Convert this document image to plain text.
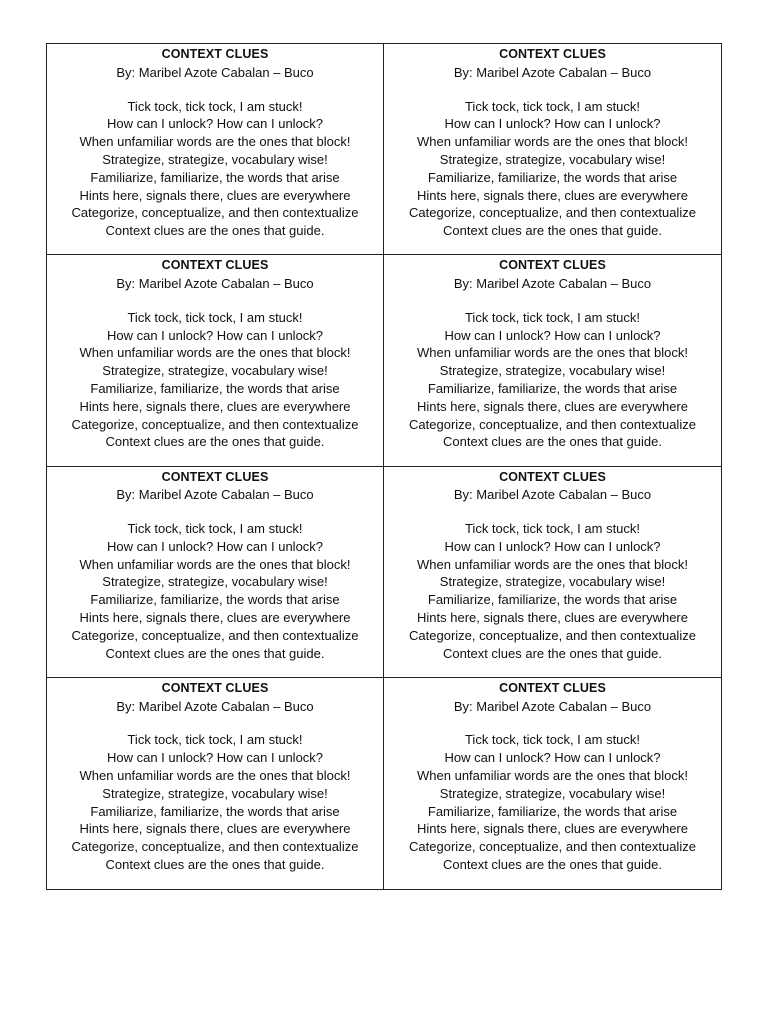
CONTEXT CLUES
By: Maribel Azote Cabalan – Buco
Tick tock, tick tock, I am stuck!
How can I unlock? How can I unlock?
When unfamiliar words are the ones that block!
Strategize, strategize, vocabulary wise!
Familiarize, familiarize, the words that arise
Hints here, signals there, clues are everywhere
Categorize, conceptualize, and then contextualize
Context clues are the ones that guide.
CONTEXT CLUES
By: Maribel Azote Cabalan – Buco
Tick tock, tick tock, I am stuck!
How can I unlock? How can I unlock?
When unfamiliar words are the ones that block!
Strategize, strategize, vocabulary wise!
Familiarize, familiarize, the words that arise
Hints here, signals there, clues are everywhere
Categorize, conceptualize, and then contextualize
Context clues are the ones that guide.
CONTEXT CLUES
By: Maribel Azote Cabalan – Buco
Tick tock, tick tock, I am stuck!
How can I unlock? How can I unlock?
When unfamiliar words are the ones that block!
Strategize, strategize, vocabulary wise!
Familiarize, familiarize, the words that arise
Hints here, signals there, clues are everywhere
Categorize, conceptualize, and then contextualize
Context clues are the ones that guide.
CONTEXT CLUES
By: Maribel Azote Cabalan – Buco
Tick tock, tick tock, I am stuck!
How can I unlock? How can I unlock?
When unfamiliar words are the ones that block!
Strategize, strategize, vocabulary wise!
Familiarize, familiarize, the words that arise
Hints here, signals there, clues are everywhere
Categorize, conceptualize, and then contextualize
Context clues are the ones that guide.
CONTEXT CLUES
By: Maribel Azote Cabalan – Buco
Tick tock, tick tock, I am stuck!
How can I unlock? How can I unlock?
When unfamiliar words are the ones that block!
Strategize, strategize, vocabulary wise!
Familiarize, familiarize, the words that arise
Hints here, signals there, clues are everywhere
Categorize, conceptualize, and then contextualize
Context clues are the ones that guide.
CONTEXT CLUES
By: Maribel Azote Cabalan – Buco
Tick tock, tick tock, I am stuck!
How can I unlock? How can I unlock?
When unfamiliar words are the ones that block!
Strategize, strategize, vocabulary wise!
Familiarize, familiarize, the words that arise
Hints here, signals there, clues are everywhere
Categorize, conceptualize, and then contextualize
Context clues are the ones that guide.
CONTEXT CLUES
By: Maribel Azote Cabalan – Buco
Tick tock, tick tock, I am stuck!
How can I unlock? How can I unlock?
When unfamiliar words are the ones that block!
Strategize, strategize, vocabulary wise!
Familiarize, familiarize, the words that arise
Hints here, signals there, clues are everywhere
Categorize, conceptualize, and then contextualize
Context clues are the ones that guide.
CONTEXT CLUES
By: Maribel Azote Cabalan – Buco
Tick tock, tick tock, I am stuck!
How can I unlock? How can I unlock?
When unfamiliar words are the ones that block!
Strategize, strategize, vocabulary wise!
Familiarize, familiarize, the words that arise
Hints here, signals there, clues are everywhere
Categorize, conceptualize, and then contextualize
Context clues are the ones that guide.
